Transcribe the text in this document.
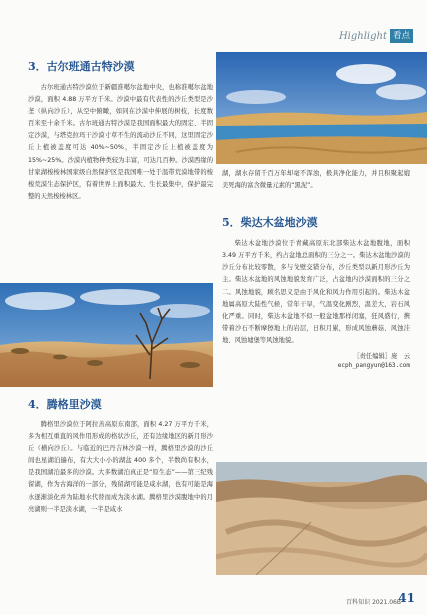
Highlight 看点
3．古尔班通古特沙漠

古尔班通古特沙漠位于新疆准噶尔盆地中央，也称准噶尔盆地沙漠，面积 4.88 万平方千米。沙漠中最有代表性的沙丘类型是沙垄（纵向沙丘），从空中俯瞰，如同在沙漠中伸展的树枝，长度数百米至十余千米。古尔班通古特沙漠是我国面积最大的固定、半固定沙漠，与塔克拉玛干沙漠寸草不生的流动沙丘不同，这里固定沙丘上植被盖度可达 40%~50%，半固定沙丘上植被盖度为 15%~25%。沙漠内植物种类较为丰富，可达几百种。沙漠西缘的甘家湖梭梭林国家级自然保护区是我国唯一处于温带荒漠地带的梭梭荒漠生态保护区，有着世界上面积最大、生长最集中，保护最完整的天然梭梭林区。

4．腾格里沙漠

腾格里沙漠位于阿拉善高原东南部，面积 4.27 万平方千米，多为相互重直的风作用形成的格状沙丘，还有边缘地区的新月形沙丘（横向沙丘）。与临近的巴丹吉林沙漠一样，腾格里沙漠的沙丘间也星湖泊遍布，有大大小小的湖盆 400 多个，半数尚有积水，是我国湖泊最多的沙漠。大多数湖泊真正是“原生态”——第三纪残留湖，作为古海洋的一部分，残留湖可能是咸水湖，也有可能是海水逐渐淡化并为陆地水代替而成为淡水湖。腾格里沙漠腹地中的月亮湖则一半是淡水湖，一半是咸水

湖，湖水存留千百万年却毫不浑浊，极具净化能力，并且积聚起媲美死海的富含微量元素的“黑泥”。

5．柴达木盆地沙漠

柴达木盆地沙漠位于青藏高原东北部柴达木盆地腹地，面积 3.49 万平方千米，约占盆地总面积的三分之一。柴达木盆地沙漠的沙丘分布比较零散，多与戈壁交错分布，沙丘类型以新月形沙丘为主。柴达木盆地的风蚀地貌发育广泛，占盆地内沙漠面积的三分之二。风蚀地貌，顾名思义是由于风化和风力作用引起的。柴达木盆地属高原大陆性气候，常年干旱，气温变化剧烈，温差大，岩石风化严重。同时，柴达木盆地不似一般盆地那样闭塞，狂风盛行，携带着沙石不断摩擦地上的岩层，日积月累，形成风蚀蘑菇、风蚀洼地、风蚀墟堡等风蚀地貌。

［责任编辑］庞　云
ecph_pangyun@163.com
百科知识 2021.06B
41
